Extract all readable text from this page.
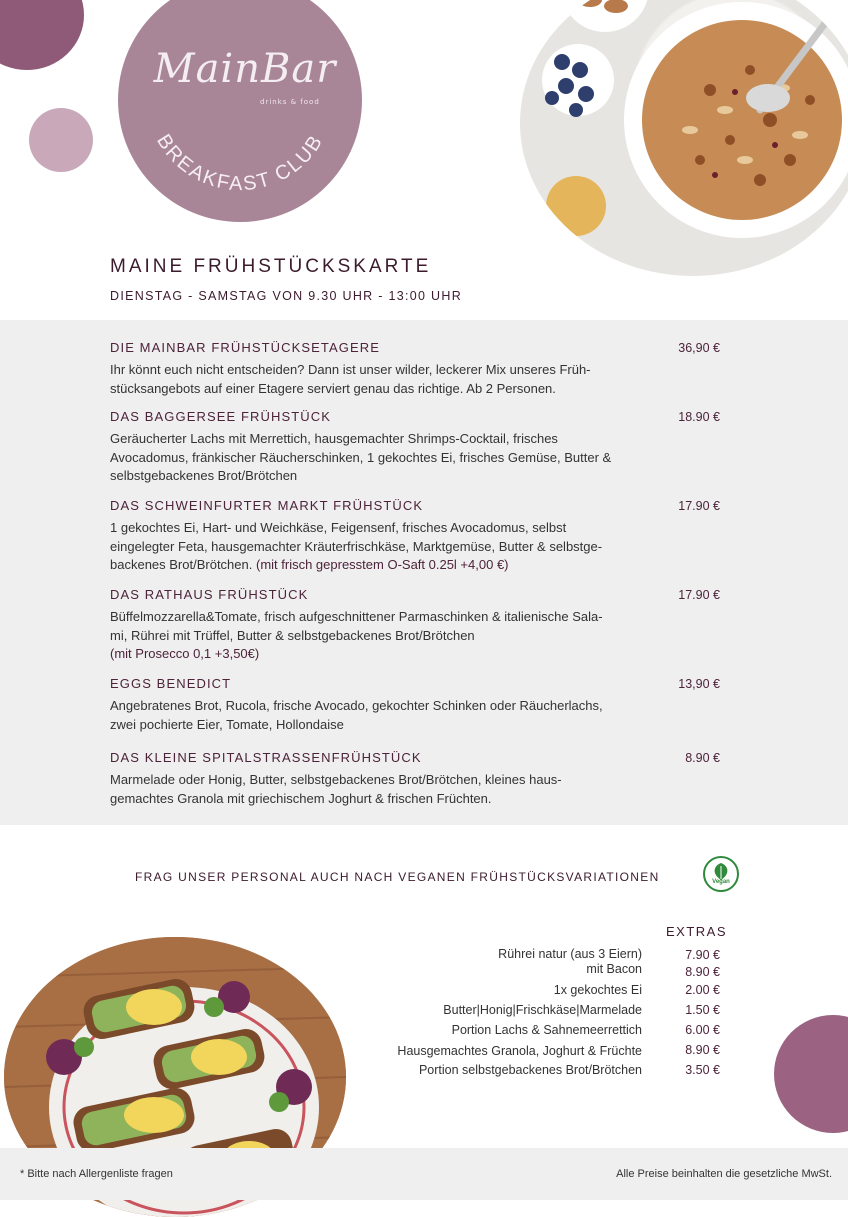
MainBar
drinks & food
BREAKFAST CLUB
MAINE FRÜHSTÜCKSKARTE
DIENSTAG - SAMSTAG VON 9.30 UHR - 13:00 UHR
DIE MAINBAR FRÜHSTÜCKSETAGERE	36,90 €
Ihr könnt euch nicht entscheiden? Dann ist unser wilder, leckerer Mix unseres Früh-
stücksangebots auf einer Etagere serviert genau das richtige. Ab 2 Personen.
DAS BAGGERSEE FRÜHSTÜCK	18.90 €
Geräucherter Lachs mit Merrettich, hausgemachter Shrimps-Cocktail, frisches
Avocadomus, fränkischer Räucherschinken, 1 gekochtes Ei, frisches Gemüse, Butter &
selbstgebackenes Brot/Brötchen
DAS SCHWEINFURTER MARKT FRÜHSTÜCK	17.90 €
1 gekochtes Ei, Hart- und Weichkäse, Feigensenf, frisches Avocadomus, selbst
eingelegter Feta, hausgemachter Kräuterfrischkäse, Marktgemüse, Butter & selbstge-
backenes Brot/Brötchen. (mit frisch gepresstem O-Saft 0.25l +4,00 €)
DAS RATHAUS FRÜHSTÜCK	17.90 €
Büffelmozzarella&Tomate, frisch aufgeschnittener Parmaschinken & italienische Sala-
mi, Rührei mit Trüffel, Butter & selbstgebackenes Brot/Brötchen
(mit Prosecco 0,1 +3,50€)
EGGS BENEDICT	13,90 €
Angebratenes Brot, Rucola, frische Avocado, gekochter Schinken oder Räucherlachs,
zwei pochierte Eier, Tomate, Hollondaise
DAS KLEINE SPITALSTRASSENFRÜHSTÜCK	8.90 €
Marmelade oder Honig, Butter, selbstgebackenes Brot/Brötchen, kleines haus-
gemachtes Granola mit griechischem Joghurt & frischen Früchten.
FRAG UNSER PERSONAL AUCH NACH VEGANEN FRÜHSTÜCKSVARIATIONEN	Vegan
EXTRAS
Rührei natur (aus 3 Eiern)	7.90 €
mit Bacon	8.90 €
1x gekochtes Ei	2.00 €
Butter|Honig|Frischkäse|Marmelade	1.50 €
Portion Lachs & Sahnemeerrettich	6.00 €
Hausgemachtes Granola, Joghurt & Früchte	8.90 €
Portion selbstgebackenes Brot/Brötchen	3.50 €
* Bitte nach Allergenliste fragen	Alle Preise beinhalten die gesetzliche MwSt.
